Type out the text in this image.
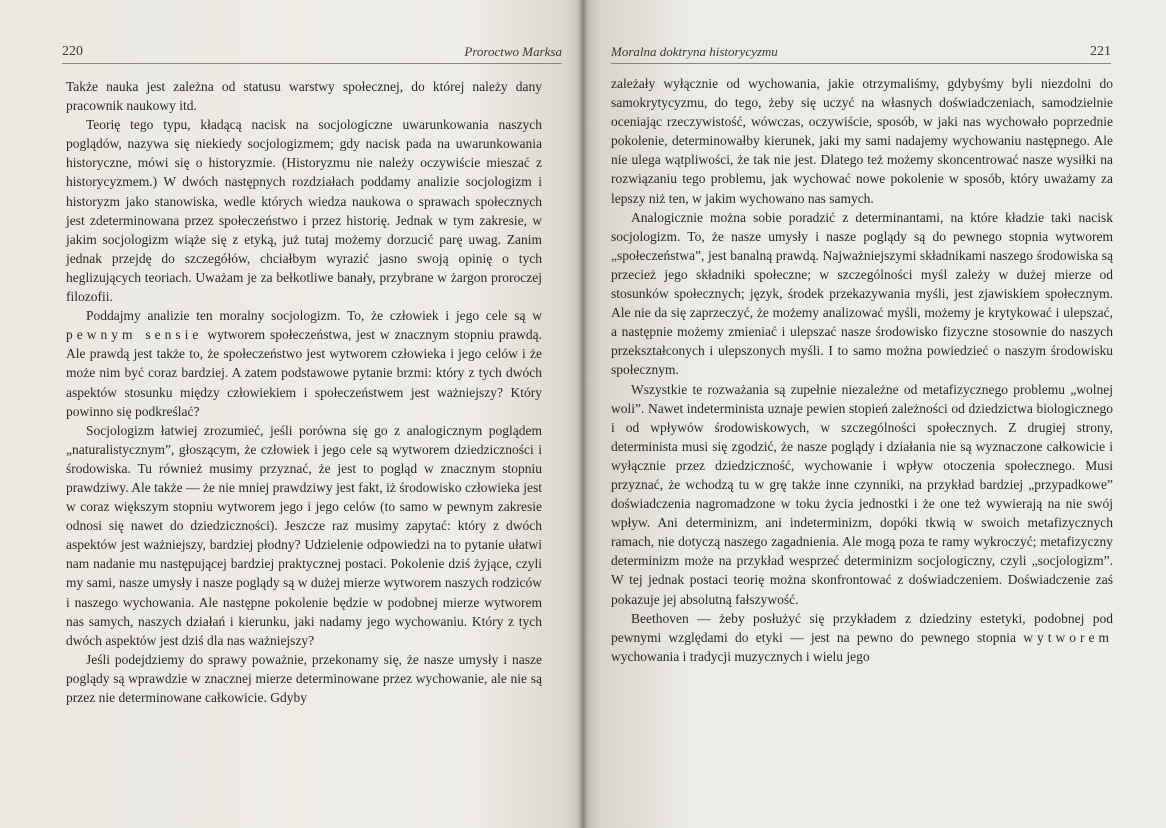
220	Proroctwo Marksa

Także nauka jest zależna od statusu warstwy społecznej, do której należy dany pracownik naukowy itd.

Teorię tego typu, kładącą nacisk na socjologiczne uwarunkowania naszych poglądów, nazywa się niekiedy socjologizmem; gdy nacisk pada na uwarunkowania historyczne, mówi się o historyzmie. (Historyzmu nie należy oczywiście mieszać z historycyzmem.) W dwóch następnych rozdziałach poddamy analizie socjologizm i historyzm jako stanowiska, wedle których wiedza naukowa o sprawach społecznych jest zdeterminowana przez społeczeństwo i przez historię. Jednak w tym zakresie, w jakim socjologizm wiąże się z etyką, już tutaj możemy dorzucić parę uwag. Zanim jednak przejdę do szczegółów, chciałbym wyrazić jasno swoją opinię o tych heglizujących teoriach. Uważam je za bełkotliwe banały, przybrane w żargon proroczej filozofii.

Poddajmy analizie ten moralny socjologizm. To, że człowiek i jego cele są w pewnym sensie wytworem społeczeństwa, jest w znacznym stopniu prawdą. Ale prawdą jest także to, że społeczeństwo jest wytworem człowieka i jego celów i że może nim być coraz bardziej. A zatem podstawowe pytanie brzmi: który z tych dwóch aspektów stosunku między człowiekiem i społeczeństwem jest ważniejszy? Który powinno się podkreślać?

Socjologizm łatwiej zrozumieć, jeśli porówna się go z analogicznym poglądem „naturalistycznym”, głoszącym, że człowiek i jego cele są wytworem dziedziczności i środowiska. Tu również musimy przyznać, że jest to pogląd w znacznym stopniu prawdziwy. Ale także — że nie mniej prawdziwy jest fakt, iż środowisko człowieka jest w coraz większym stopniu wytworem jego i jego celów (to samo w pewnym zakresie odnosi się nawet do dziedziczności). Jeszcze raz musimy zapytać: który z dwóch aspektów jest ważniejszy, bardziej płodny? Udzielenie odpowiedzi na to pytanie ułatwi nam nadanie mu następującej bardziej praktycznej postaci. Pokolenie dziś żyjące, czyli my sami, nasze umysły i nasze poglądy są w dużej mierze wytworem naszych rodziców i naszego wychowania. Ale następne pokolenie będzie w podobnej mierze wytworem nas samych, naszych działań i kierunku, jaki nadamy jego wychowaniu. Który z tych dwóch aspektów jest dziś dla nas ważniejszy?

Jeśli podejdziemy do sprawy poważnie, przekonamy się, że nasze umysły i nasze poglądy są wprawdzie w znacznej mierze determinowane przez wychowanie, ale nie są przez nie determinowane całkowicie. Gdyby

Moralna doktryna historycyzmu	221

zależały wyłącznie od wychowania, jakie otrzymaliśmy, gdybyśmy byli niezdolni do samokrytycyzmu, do tego, żeby się uczyć na własnych doświadczeniach, samodzielnie oceniając rzeczywistość, wówczas, oczywiście, sposób, w jaki nas wychowało poprzednie pokolenie, determinowałby kierunek, jaki my sami nadajemy wychowaniu następnego. Ale nie ulega wątpliwości, że tak nie jest. Dlatego też możemy skoncentrować nasze wysiłki na rozwiązaniu tego problemu, jak wychować nowe pokolenie w sposób, który uważamy za lepszy niż ten, w jakim wychowano nas samych.

Analogicznie można sobie poradzić z determinantami, na które kładzie taki nacisk socjologizm. To, że nasze umysły i nasze poglądy są do pewnego stopnia wytworem „społeczeństwa”, jest banalną prawdą. Najważniejszymi składnikami naszego środowiska są przecież jego składniki społeczne; w szczególności myśl zależy w dużej mierze od stosunków społecznych; język, środek przekazywania myśli, jest zjawiskiem społecznym. Ale nie da się zaprzeczyć, że możemy analizować myśli, możemy je krytykować i ulepszać, a następnie możemy zmieniać i ulepszać nasze środowisko fizyczne stosownie do naszych przekształconych i ulepszonych myśli. I to samo można powiedzieć o naszym środowisku społecznym.

Wszystkie te rozważania są zupełnie niezależne od metafizycznego problemu „wolnej woli”. Nawet indeterminista uznaje pewien stopień zależności od dziedzictwa biologicznego i od wpływów środowiskowych, w szczególności społecznych. Z drugiej strony, determinista musi się zgodzić, że nasze poglądy i działania nie są wyznaczone całkowicie i wyłącznie przez dziedziczność, wychowanie i wpływ otoczenia społecznego. Musi przyznać, że wchodzą tu w grę także inne czynniki, na przykład bardziej „przypadkowe” doświadczenia nagromadzone w toku życia jednostki i że one też wywierają na nie swój wpływ. Ani determinizm, ani indeterminizm, dopóki tkwią w swoich metafizycznych ramach, nie dotyczą naszego zagadnienia. Ale mogą poza te ramy wykroczyć; metafizyczny determinizm może na przykład wesprzeć determinizm socjologiczny, czyli „socjologizm”. W tej jednak postaci teorię można skonfrontować z doświadczeniem. Doświadczenie zaś pokazuje jej absolutną fałszywość.

Beethoven — żeby posłużyć się przykładem z dziedziny estetyki, podobnej pod pewnymi względami do etyki — jest na pewno do pewnego stopnia wytworem wychowania i tradycji muzycznych i wielu jego
